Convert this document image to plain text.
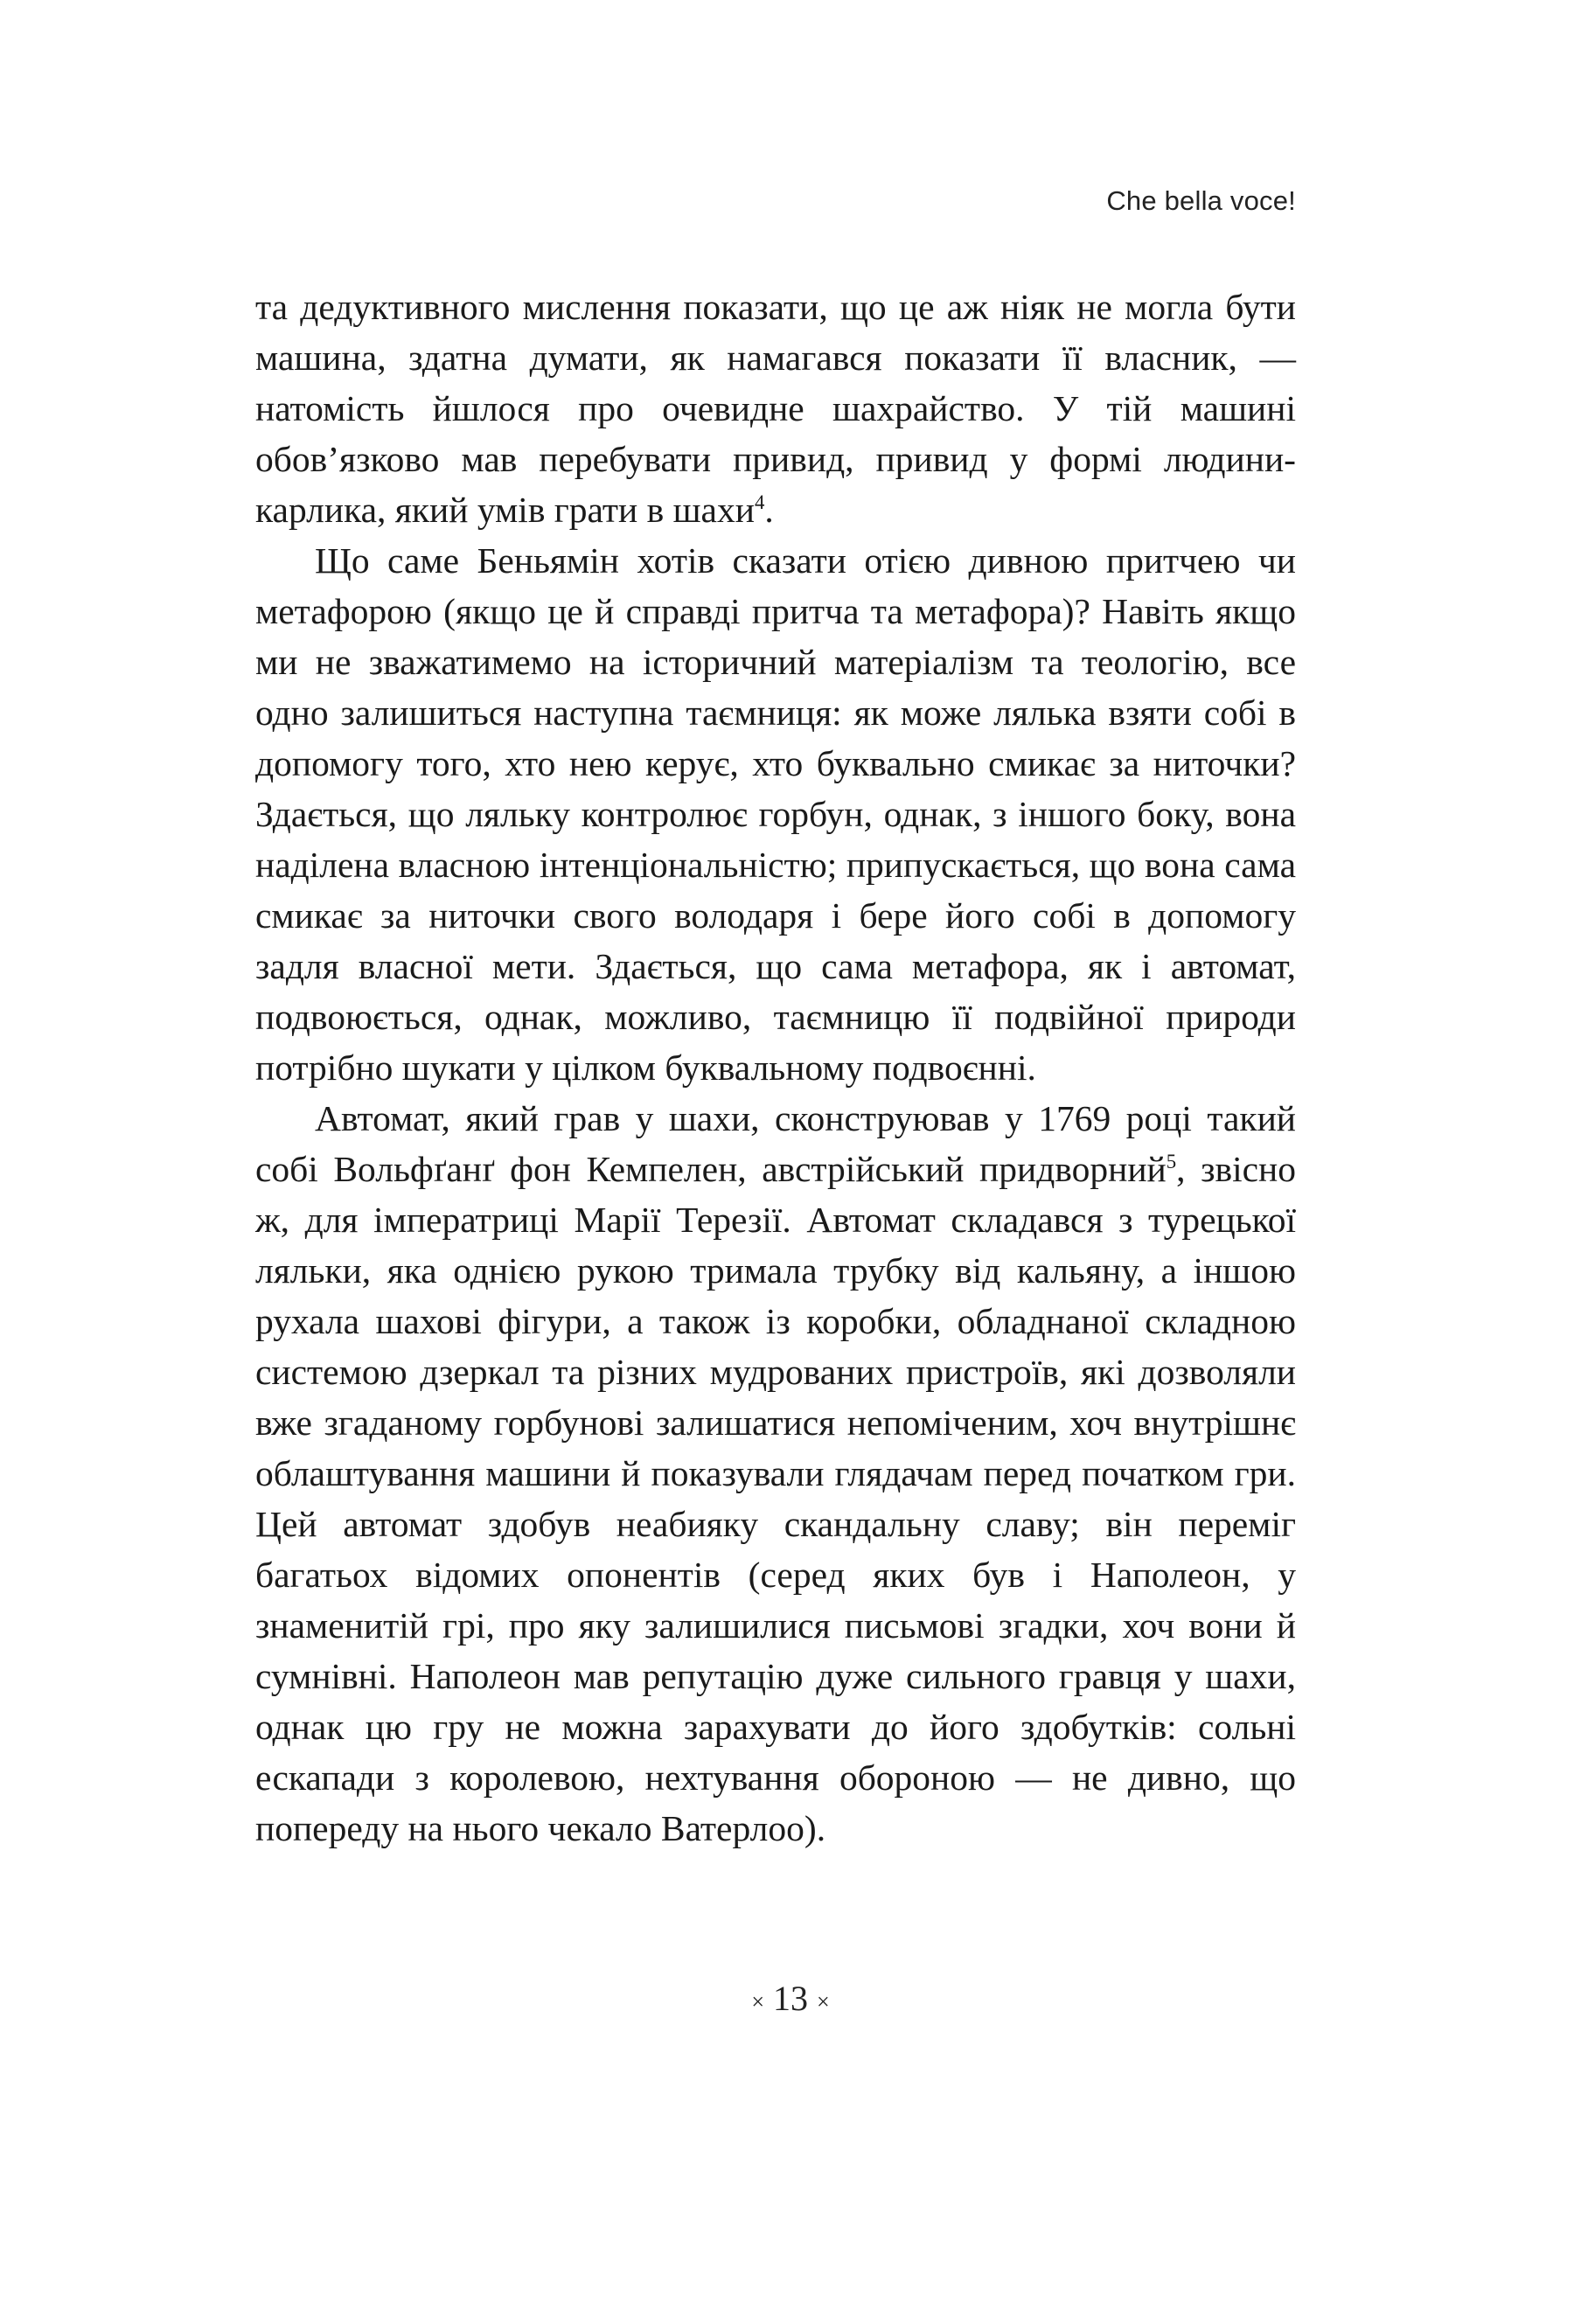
Che bella voce!

та дедуктивного мислення показати, що це аж ніяк не могла бути машина, здатна думати, як намагався показати її власник, — натомість йшлося про очевидне шахрайство. У тій машині обов’язково мав перебувати привид, привид у формі людини-карлика, який умів грати в шахи$^4$.

Що саме Беньямін хотів сказати отією дивною притчею чи метафорою (якщо це й справді притча та метафора)? Навіть якщо ми не зважатимемо на історичний матеріалізм та теологію, все одно залишиться наступна таємниця: як може лялька взяти собі в допомогу того, хто нею керує, хто буквально смикає за ниточки? Здається, що ляльку контролює горбун, однак, з іншого боку, вона наділена власною інтенціональністю; припускається, що вона сама смикає за ниточки свого володаря і бере його собі в допомогу задля власної мети. Здається, що сама метафора, як і автомат, подвоюється, однак, можливо, таємницю її подвійної природи потрібно шукати у цілком буквальному подвоєнні.

Автомат, який грав у шахи, сконструював у 1769 році такий собі Вольфґанґ фон Кемпелен, австрійський придворний$^5$, звісно ж, для імператриці Марії Терезії. Автомат складався з турецької ляльки, яка однією рукою тримала трубку від кальяну, а іншою рухала шахові фігури, а також із коробки, обладнаної складною системою дзеркал та різних мудрованих пристроїв, які дозволяли вже згаданому горбунові залишатися непоміченим, хоч внутрішнє облаштування машини й показували глядачам перед початком гри. Цей автомат здобув неабияку скандальну славу; він переміг багатьох відомих опонентів (серед яких був і Наполеон, у знаменитій грі, про яку залишилися письмові згадки, хоч вони й сумнівні. Наполеон мав репутацію дуже сильного гравця у шахи, однак цю гру не можна зарахувати до його здобутків: сольні ескапади з королевою, нехтування обороною — не дивно, що попереду на нього чекало Ватерлоо).

× 13 ×
